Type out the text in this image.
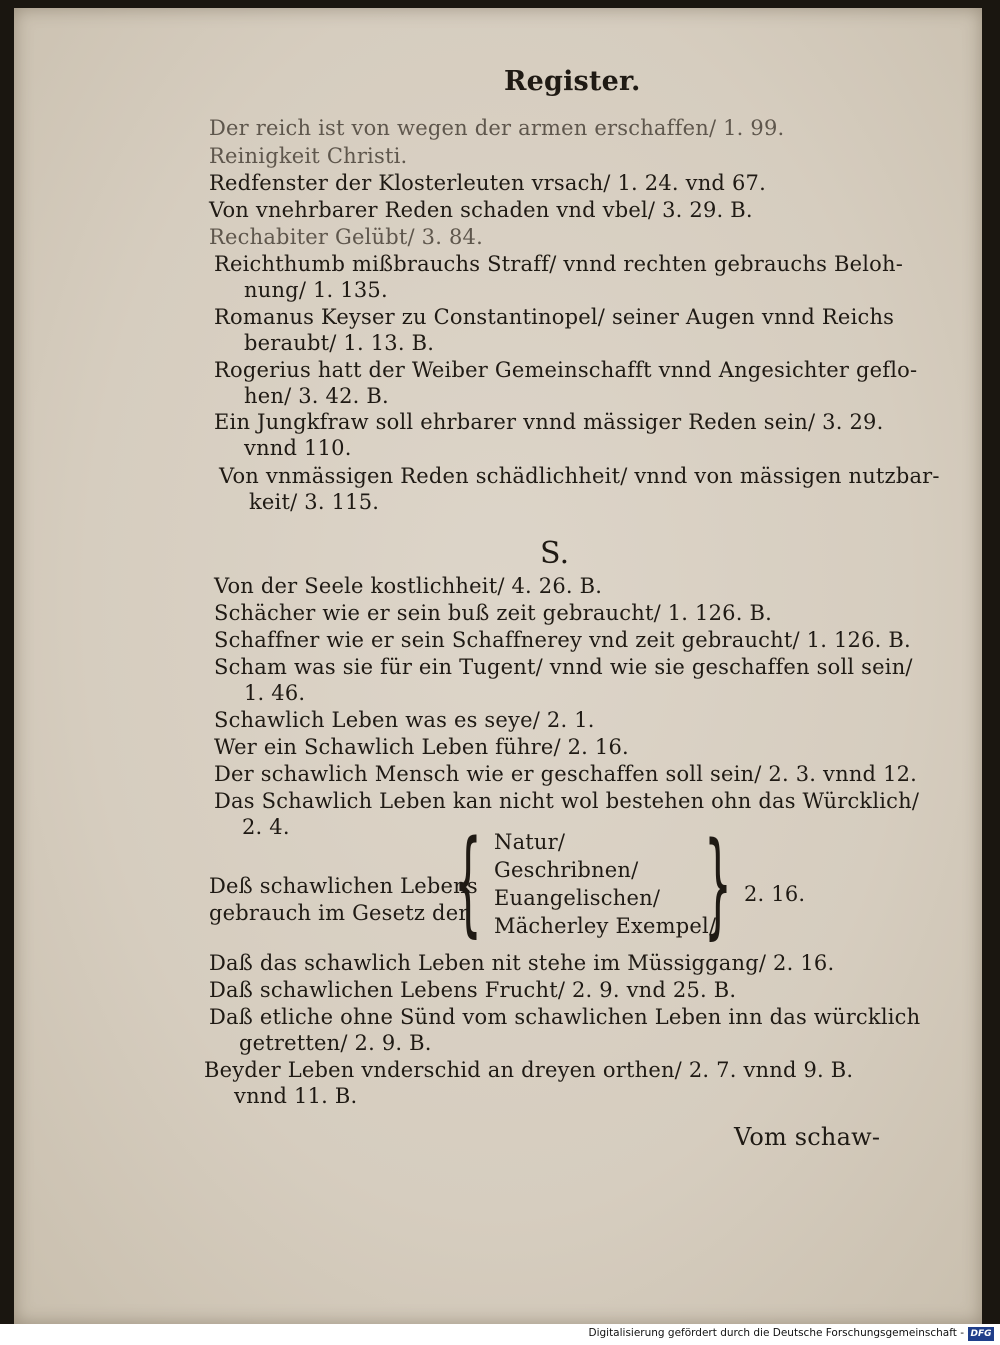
Register.
Der reich ist von wegen der armen erschaffen/ 1. 99.
Reinigkeit Christi.
Redfenster der Klosterleuten vrsach/ 1. 24. vnd 67.
Von vnehrbarer Reden schaden vnd vbel/ 3. 29. B.
Rechabiter Gelübt/ 3. 84.
Reichthumb mißbrauchs Straff/ vnnd rechten gebrauchs Beloh-
nung/ 1. 135.
Romanus Keyser zu Constantinopel/ seiner Augen vnnd Reichs
beraubt/ 1. 13. B.
Rogerius hatt der Weiber Gemeinschafft vnnd Angesichter geflo-
hen/ 3. 42. B.
Ein Jungkfraw soll ehrbarer vnnd mässiger Reden sein/ 3. 29.
vnnd 110.
Von vnmässigen Reden schädlichheit/ vnnd von mässigen nutzbar-
keit/ 3. 115.
S.
Von der Seele kostlichheit/ 4. 26. B.
Schächer wie er sein buß zeit gebraucht/ 1. 126. B.
Schaffner wie er sein Schaffnerey vnd zeit gebraucht/ 1. 126. B.
Scham was sie für ein Tugent/ vnnd wie sie geschaffen soll sein/
1. 46.
Schawlich Leben was es seye/ 2. 1.
Wer ein Schawlich Leben führe/ 2. 16.
Der schawlich Mensch wie er geschaffen soll sein/ 2. 3. vnnd 12.
Das Schawlich Leben kan nicht wol bestehen ohn das Würcklich/
2. 4.
Deß schawlichen Lebens
gebrauch im Gesetz der
{ Natur/
Geschribnen/
Euangelischen/
Mächerley Exempel/
} 2. 16.
Daß das schawlich Leben nit stehe im Müssiggang/ 2. 16.
Daß schawlichen Lebens Frucht/ 2. 9. vnd 25. B.
Daß etliche ohne Sünd vom schawlichen Leben inn das würcklich
getretten/ 2. 9. B.
Beyder Leben vnderschid an dreyen orthen/ 2. 7. vnnd 9. B.
vnnd 11. B.
Vom schaw-
Digitalisierung gefördert durch die Deutsche Forschungsgemeinschaft - DFG
